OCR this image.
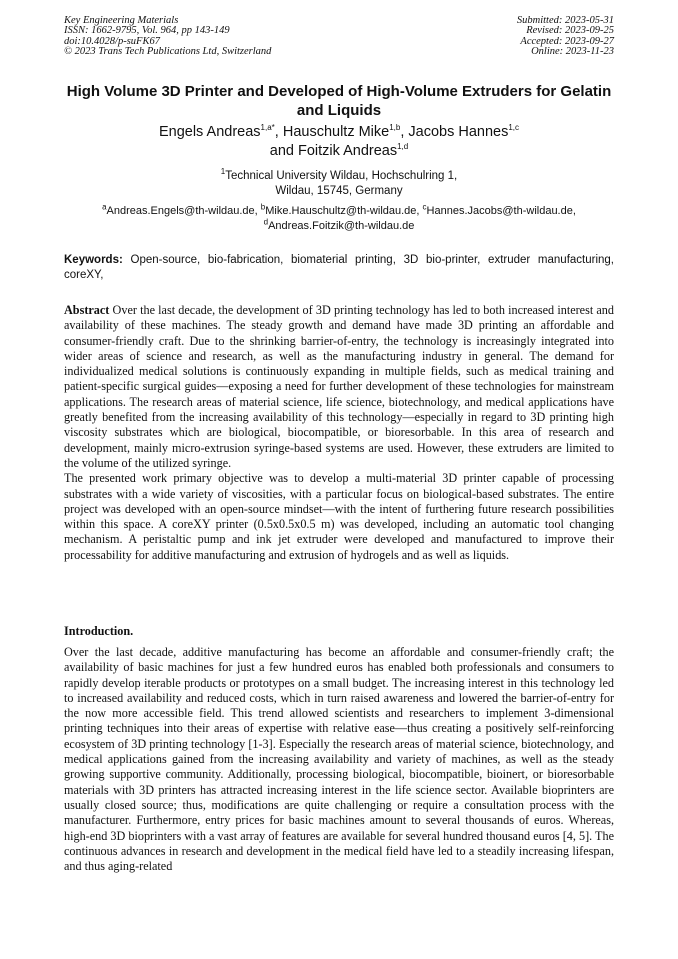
Key Engineering Materials
ISSN: 1662-9795, Vol. 964, pp 143-149
doi:10.4028/p-suFK67
© 2023 Trans Tech Publications Ltd, Switzerland
Submitted: 2023-05-31
Revised: 2023-09-25
Accepted: 2023-09-27
Online: 2023-11-23
High Volume 3D Printer and Developed of High-Volume Extruders for Gelatin and Liquids
Engels Andreas$^{1,a*}$, Hauschultz Mike$^{1,b}$, Jacobs Hannes$^{1,c}$
and Foitzik Andreas$^{1,d}$
$^1$Technical University Wildau, Hochschulring 1,
Wildau, 15745, Germany
$^a$Andreas.Engels@th-wildau.de, $^b$Mike.Hauschultz@th-wildau.de, $^c$Hannes.Jacobs@th-wildau.de,
$^d$Andreas.Foitzik@th-wildau.de
Keywords: Open-source, bio-fabrication, biomaterial printing, 3D bio-printer, extruder manufacturing, coreXY,

Abstract Over the last decade, the development of 3D printing technology has led to both increased interest and availability of these machines. The steady growth and demand have made 3D printing an affordable and consumer-friendly craft. Due to the shrinking barrier-of-entry, the technology is increasingly integrated into wider areas of science and research, as well as the manufacturing industry in general. The demand for individualized medical solutions is continuously expanding in multiple fields, such as medical training and patient-specific surgical guides—exposing a need for further development of these technologies for mainstream applications. The research areas of material science, life science, biotechnology, and medical applications have greatly benefited from the increasing availability of this technology—especially in regard to 3D printing high viscosity substrates which are biological, biocompatible, or bioresorbable. In this area of research and development, mainly micro-extrusion syringe-based systems are used. However, these extruders are limited to the volume of the utilized syringe.

The presented work primary objective was to develop a multi-material 3D printer capable of processing substrates with a wide variety of viscosities, with a particular focus on biological-based substrates. The entire project was developed with an open-source mindset—with the intent of furthering future research possibilities within this space. A coreXY printer (0.5x0.5x0.5 m) was developed, including an automatic tool changing mechanism. A peristaltic pump and ink jet extruder were developed and manufactured to improve their processability for additive manufacturing and extrusion of hydrogels and as well as liquids.

Introduction.

Over the last decade, additive manufacturing has become an affordable and consumer-friendly craft; the availability of basic machines for just a few hundred euros has enabled both professionals and consumers to rapidly develop iterable products or prototypes on a small budget. The increasing interest in this technology led to increased availability and reduced costs, which in turn raised awareness and lowered the barrier-of-entry for the now more accessible field. This trend allowed scientists and researchers to implement 3-dimensional printing techniques into their areas of expertise with relative ease—thus creating a positively self-reinforcing ecosystem of 3D printing technology [1-3]. Especially the research areas of material science, biotechnology, and medical applications gained from the increasing availability and variety of machines, as well as the steady growing supportive community. Additionally, processing biological, biocompatible, bioinert, or bioresorbable materials with 3D printers has attracted increasing interest in the life science sector. Available bioprinters are usually closed source; thus, modifications are quite challenging or require a consultation process with the manufacturer. Furthermore, entry prices for basic machines amount to several thousands of euros. Whereas, high-end 3D bioprinters with a vast array of features are available for several hundred thousand euros [4, 5]. The continuous advances in research and development in the medical field have led to a steadily increasing lifespan, and thus aging-related
